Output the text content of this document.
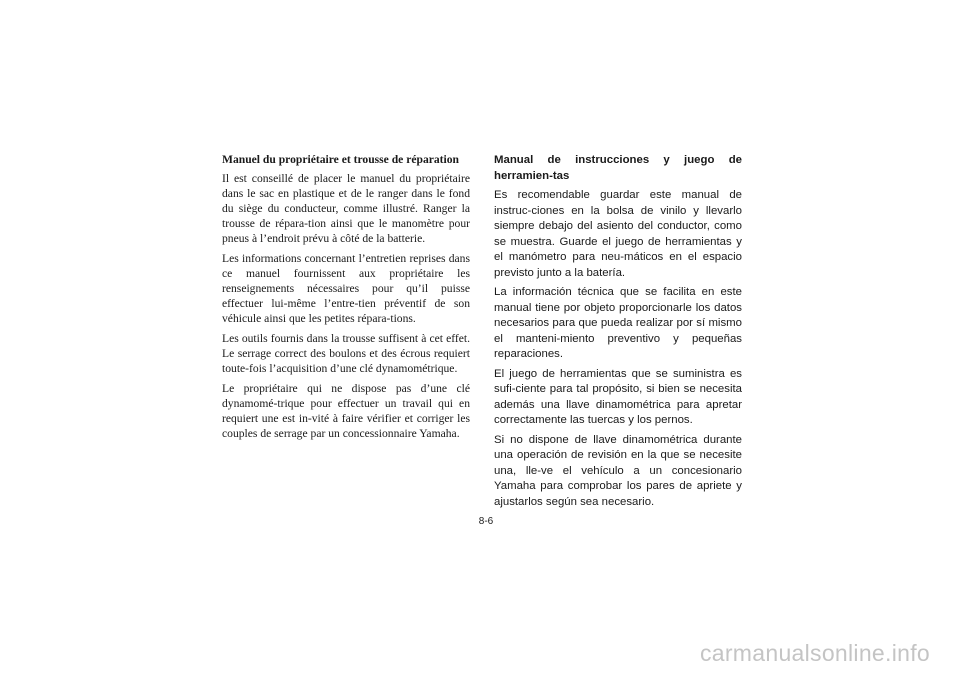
Manuel du propriétaire et trousse de réparation

Il est conseillé de placer le manuel du propriétaire dans le sac en plastique et de le ranger dans le fond du siège du conducteur, comme illustré. Ranger la trousse de répara-tion ainsi que le manomètre pour pneus à l’endroit prévu à côté de la batterie.

Les informations concernant l’entretien reprises dans ce manuel fournissent aux propriétaire les renseignements nécessaires pour qu’il puisse effectuer lui-même l’entre-tien préventif de son véhicule ainsi que les petites répara-tions.

Les outils fournis dans la trousse suffisent à cet effet. Le serrage correct des boulons et des écrous requiert toute-fois l’acquisition d’une clé dynamométrique.

Le propriétaire qui ne dispose pas d’une clé dynamomé-trique pour effectuer un travail qui en requiert une est in-vité à faire vérifier et corriger les couples de serrage par un concessionnaire Yamaha.

Manual de instrucciones y juego de herramien-tas

Es recomendable guardar este manual de instruc-ciones en la bolsa de vinilo y llevarlo siempre debajo del asiento del conductor, como se muestra. Guarde el juego de herramientas y el manómetro para neu-máticos en el espacio previsto junto a la batería.

La información técnica que se facilita en este manual tiene por objeto proporcionarle los datos necesarios para que pueda realizar por sí mismo el manteni-miento preventivo y pequeñas reparaciones.

El juego de herramientas que se suministra es sufi-ciente para tal propósito, si bien se necesita además una llave dinamométrica para apretar correctamente las tuercas y los pernos.

Si no dispone de llave dinamométrica durante una operación de revisión en la que se necesite una, lle-ve el vehículo a un concesionario Yamaha para comprobar los pares de apriete y ajustarlos según sea necesario.

8-6
carmanualsonline.info
